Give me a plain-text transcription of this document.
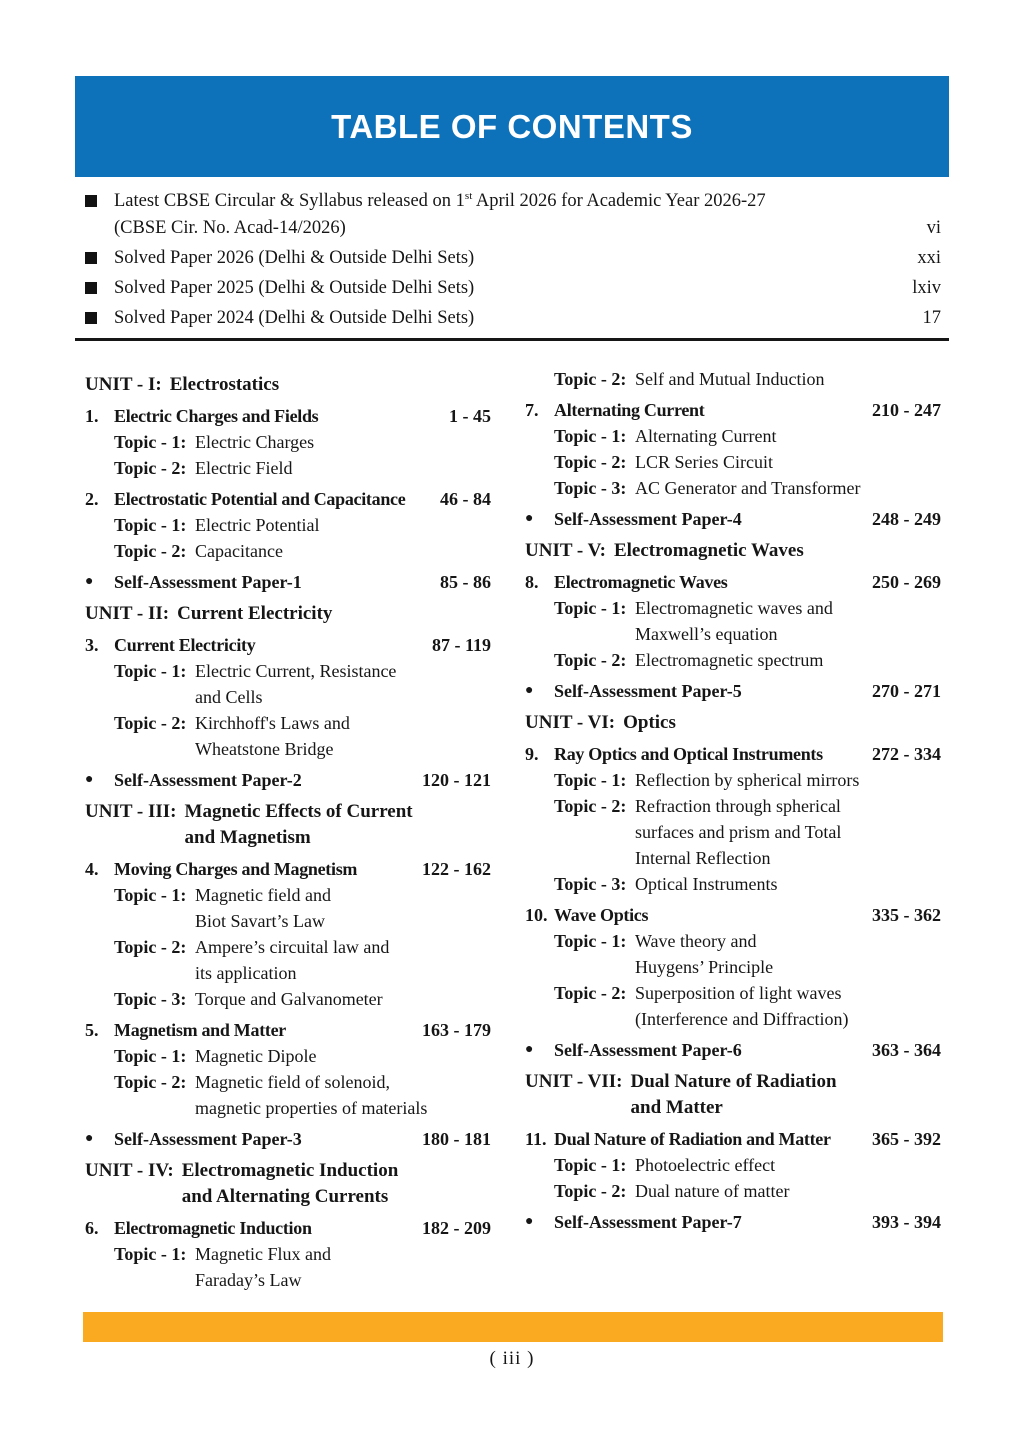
TABLE OF CONTENTS
Latest CBSE Circular & Syllabus released on 1st April 2026 for Academic Year 2026-27
(CBSE Cir. No. Acad-14/2026)	vi
Solved Paper 2026 (Delhi & Outside Delhi Sets)	xxi
Solved Paper 2025 (Delhi & Outside Delhi Sets)	lxiv
Solved Paper 2024 (Delhi & Outside Delhi Sets)	17
UNIT - I: Electrostatics
1. Electric Charges and Fields	1 - 45
Topic - 1: Electric Charges
Topic - 2: Electric Field
2. Electrostatic Potential and Capacitance	46 - 84
Topic - 1: Electric Potential
Topic - 2: Capacitance
●	Self-Assessment Paper-1	85 - 86
UNIT - II: Current Electricity
3. Current Electricity	87 - 119
Topic - 1: Electric Current, Resistance
and Cells
Topic - 2: Kirchhoff's Laws and
Wheatstone Bridge
●	Self-Assessment Paper-2	120 - 121
UNIT - III: Magnetic Effects of Current
and Magnetism
4. Moving Charges and Magnetism	122 - 162
Topic - 1: Magnetic field and
Biot Savart’s Law
Topic - 2: Ampere’s circuital law and
its application
Topic - 3: Torque and Galvanometer
5. Magnetism and Matter	163 - 179
Topic - 1: Magnetic Dipole
Topic - 2: Magnetic field of solenoid,
magnetic properties of materials
●	Self-Assessment Paper-3	180 - 181
UNIT - IV: Electromagnetic Induction
and Alternating Currents
6. Electromagnetic Induction	182 - 209
Topic - 1: Magnetic Flux and
Faraday’s Law
Topic - 2: Self and Mutual Induction
7. Alternating Current	210 - 247
Topic - 1: Alternating Current
Topic - 2: LCR Series Circuit
Topic - 3: AC Generator and Transformer
●	Self-Assessment Paper-4	248 - 249
UNIT - V: Electromagnetic Waves
8. Electromagnetic Waves	250 - 269
Topic - 1: Electromagnetic waves and
Maxwell’s equation
Topic - 2: Electromagnetic spectrum
●	Self-Assessment Paper-5	270 - 271
UNIT - VI: Optics
9. Ray Optics and Optical Instruments	272 - 334
Topic - 1: Reflection by spherical mirrors
Topic - 2: Refraction through spherical
surfaces and prism and Total
Internal Reflection
Topic - 3: Optical Instruments
10. Wave Optics	335 - 362
Topic - 1: Wave theory and
Huygens’ Principle
Topic - 2: Superposition of light waves
(Interference and Diffraction)
●	Self-Assessment Paper-6	363 - 364
UNIT - VII: Dual Nature of Radiation
and Matter
11. Dual Nature of Radiation and Matter	365 - 392
Topic - 1: Photoelectric effect
Topic - 2: Dual nature of matter
●	Self-Assessment Paper-7	393 - 394
( iii )
